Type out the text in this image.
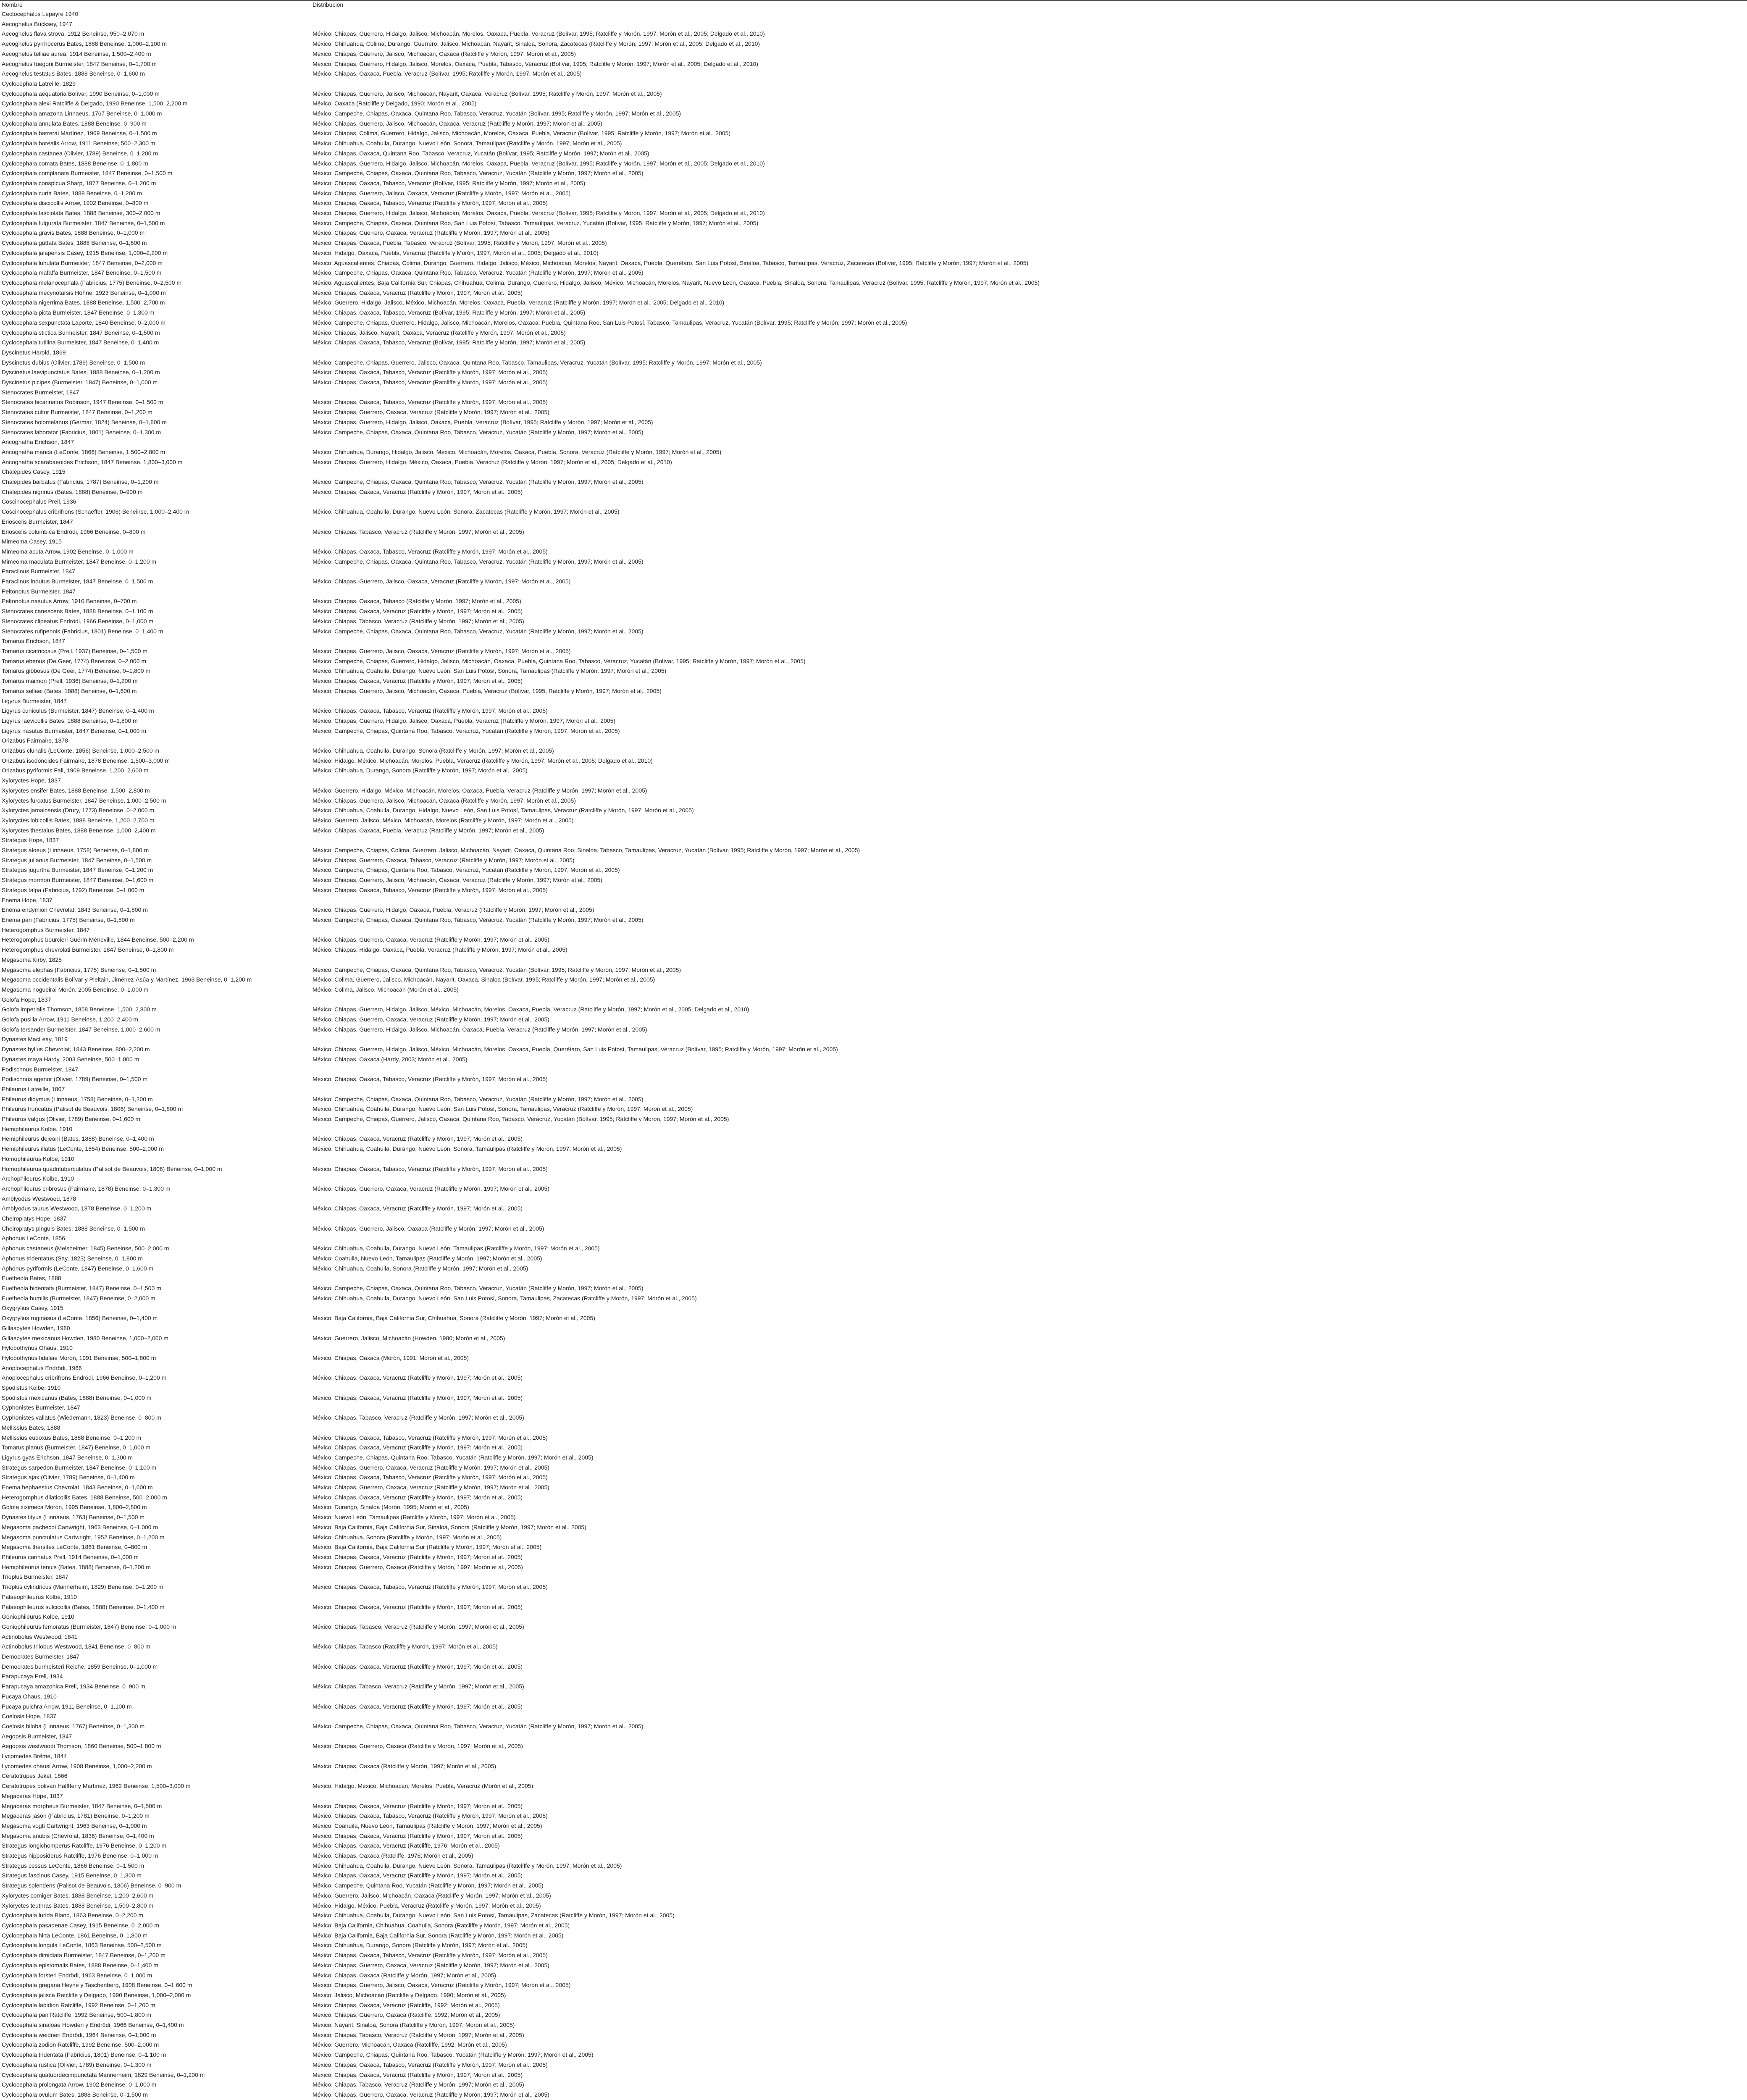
Nombre	Distribución
Cectocephalus Lepayre 1940	
Aecoghelus Bücksey, 1947	
Aecoghelus flava strova, 1912 Beneinse, 950–2,070 m	México: Chiapas, Guerrero, Hidalgo, Jalisco, Michoacán, Morelos, Oaxaca, Puebla, Veracruz (Bolívar, 1995; Ratcliffe y Morón, 1997; Morón et al., 2005; Delgado et al., 2010)
Aecoghelus pyrrhocerus Bates, 1888 Beneinse, 1,000–2,100 m	México: Chihuahua, Colima, Durango, Guerrero, Jalisco, Michoacán, Nayarit, Sinaloa, Sonora, Zacatecas (Ratcliffe y Morón, 1997; Morón et al., 2005; Delgado et al., 2010)
Aecoghelus telliae aurea, 1914 Beneinse, 1,500–2,400 m	México: Chiapas, Guerrero, Jalisco, Michoacán, Oaxaca (Ratcliffe y Morón, 1997; Morón et al., 2005)
Aecoghelus fuegorii Burmeister, 1847 Beneinse, 0–1,700 m	México: Chiapas, Guerrero, Hidalgo, Jalisco, Morelos, Oaxaca, Puebla, Tabasco, Veracruz (Bolívar, 1995; Ratcliffe y Morón, 1997; Morón et al., 2005; Delgado et al., 2010)
Aecoghelus testatus Bates, 1888 Beneinse, 0–1,600 m	México: Chiapas, Oaxaca, Puebla, Veracruz (Bolívar, 1995; Ratcliffe y Morón, 1997; Morón et al., 2005)
Cyclocephala Latreille, 1829	
Cyclocephala aequatoria Bolívar, 1990 Beneinse, 0–1,000 m	México: Chiapas, Guerrero, Jalisco, Michoacán, Nayarit, Oaxaca, Veracruz (Bolívar, 1995; Ratcliffe y Morón, 1997; Morón et al., 2005)
Cyclocephala alexi Ratcliffe & Delgado, 1990 Beneinse, 1,500–2,200 m	México: Oaxaca (Ratcliffe y Delgado, 1990; Morón et al., 2005)
Cyclocephala amazona Linnaeus, 1767 Beneinse, 0–1,000 m	México: Campeche, Chiapas, Oaxaca, Quintana Roo, Tabasco, Veracruz, Yucatán (Bolívar, 1995; Ratcliffe y Morón, 1997; Morón et al., 2005)
Cyclocephala annulata Bates, 1888 Beneinse, 0–900 m	México: Chiapas, Guerrero, Jalisco, Michoacán, Oaxaca, Veracruz (Ratcliffe y Morón, 1997; Morón et al., 2005)
Cyclocephala barrerai Martínez, 1969 Beneinse, 0–1,500 m	México: Chiapas, Colima, Guerrero, Hidalgo, Jalisco, Michoacán, Morelos, Oaxaca, Puebla, Veracruz (Bolívar, 1995; Ratcliffe y Morón, 1997; Morón et al., 2005)
Cyclocephala borealis Arrow, 1911 Beneinse, 500–2,300 m	México: Chihuahua, Coahuila, Durango, Nuevo León, Sonora, Tamaulipas (Ratcliffe y Morón, 1997; Morón et al., 2005)
Cyclocephala castanea (Olivier, 1789) Beneinse, 0–1,200 m	México: Chiapas, Oaxaca, Quintana Roo, Tabasco, Veracruz, Yucatán (Bolívar, 1995; Ratcliffe y Morón, 1997; Morón et al., 2005)
Cyclocephala comata Bates, 1888 Beneinse, 0–1,800 m	México: Chiapas, Guerrero, Hidalgo, Jalisco, Michoacán, Morelos, Oaxaca, Puebla, Veracruz (Bolívar, 1995; Ratcliffe y Morón, 1997; Morón et al., 2005; Delgado et al., 2010)
Cyclocephala complanata Burmeister, 1847 Beneinse, 0–1,500 m	México: Campeche, Chiapas, Oaxaca, Quintana Roo, Tabasco, Veracruz, Yucatán (Ratcliffe y Morón, 1997; Morón et al., 2005)
Cyclocephala conspicua Sharp, 1877 Beneinse, 0–1,200 m	México: Chiapas, Oaxaca, Tabasco, Veracruz (Bolívar, 1995; Ratcliffe y Morón, 1997; Morón et al., 2005)
Cyclocephala curta Bates, 1888 Beneinse, 0–1,200 m	México: Chiapas, Guerrero, Jalisco, Oaxaca, Veracruz (Ratcliffe y Morón, 1997; Morón et al., 2005)
Cyclocephala discicollis Arrow, 1902 Beneinse, 0–800 m	México: Chiapas, Oaxaca, Tabasco, Veracruz (Ratcliffe y Morón, 1997; Morón et al., 2005)
Cyclocephala fasciolata Bates, 1888 Beneinse, 300–2,000 m	México: Chiapas, Guerrero, Hidalgo, Jalisco, Michoacán, Morelos, Oaxaca, Puebla, Veracruz (Bolívar, 1995; Ratcliffe y Morón, 1997; Morón et al., 2005; Delgado et al., 2010)
Cyclocephala fulgurata Burmeister, 1847 Beneinse, 0–1,500 m	México: Campeche, Chiapas, Oaxaca, Quintana Roo, San Luis Potosí, Tabasco, Tamaulipas, Veracruz, Yucatán (Bolívar, 1995; Ratcliffe y Morón, 1997; Morón et al., 2005)
Cyclocephala gravis Bates, 1888 Beneinse, 0–1,000 m	México: Chiapas, Guerrero, Oaxaca, Veracruz (Ratcliffe y Morón, 1997; Morón et al., 2005)
Cyclocephala guttata Bates, 1888 Beneinse, 0–1,600 m	México: Chiapas, Oaxaca, Puebla, Tabasco, Veracruz (Bolívar, 1995; Ratcliffe y Morón, 1997; Morón et al., 2005)
Cyclocephala jalapensis Casey, 1915 Beneinse, 1,000–2,200 m	México: Hidalgo, Oaxaca, Puebla, Veracruz (Ratcliffe y Morón, 1997; Morón et al., 2005; Delgado et al., 2010)
Cyclocephala lunulata Burmeister, 1847 Beneinse, 0–2,000 m	México: Aguascalientes, Chiapas, Colima, Durango, Guerrero, Hidalgo, Jalisco, México, Michoacán, Morelos, Nayarit, Oaxaca, Puebla, Querétaro, San Luis Potosí, Sinaloa, Tabasco, Tamaulipas, Veracruz, Zacatecas (Bolívar, 1995; Ratcliffe y Morón, 1997; Morón et al., 2005)
Cyclocephala mafaffa Burmeister, 1847 Beneinse, 0–1,500 m	México: Campeche, Chiapas, Oaxaca, Quintana Roo, Tabasco, Veracruz, Yucatán (Ratcliffe y Morón, 1997; Morón et al., 2005)
Cyclocephala melanocephala (Fabricius, 1775) Beneinse, 0–2,500 m	México: Aguascalientes, Baja California Sur, Chiapas, Chihuahua, Colima, Durango, Guerrero, Hidalgo, Jalisco, México, Michoacán, Morelos, Nayarit, Nuevo León, Oaxaca, Puebla, Sinaloa, Sonora, Tamaulipas, Veracruz (Bolívar, 1995; Ratcliffe y Morón, 1997; Morón et al., 2005)
Cyclocephala mecynotarsis Höhne, 1923 Beneinse, 0–1,000 m	México: Chiapas, Oaxaca, Veracruz (Ratcliffe y Morón, 1997; Morón et al., 2005)
Cyclocephala nigerrima Bates, 1888 Beneinse, 1,500–2,700 m	México: Guerrero, Hidalgo, Jalisco, México, Michoacán, Morelos, Oaxaca, Puebla, Veracruz (Ratcliffe y Morón, 1997; Morón et al., 2005; Delgado et al., 2010)
Cyclocephala picta Burmeister, 1847 Beneinse, 0–1,300 m	México: Chiapas, Oaxaca, Tabasco, Veracruz (Bolívar, 1995; Ratcliffe y Morón, 1997; Morón et al., 2005)
Cyclocephala sexpunctata Laporte, 1840 Beneinse, 0–2,000 m	México: Campeche, Chiapas, Guerrero, Hidalgo, Jalisco, Michoacán, Morelos, Oaxaca, Puebla, Quintana Roo, San Luis Potosí, Tabasco, Tamaulipas, Veracruz, Yucatán (Bolívar, 1995; Ratcliffe y Morón, 1997; Morón et al., 2005)
Cyclocephala stictica Burmeister, 1847 Beneinse, 0–1,500 m	México: Chiapas, Jalisco, Nayarit, Oaxaca, Veracruz (Ratcliffe y Morón, 1997; Morón et al., 2005)
Cyclocephala tutilina Burmeister, 1847 Beneinse, 0–1,400 m	México: Chiapas, Oaxaca, Tabasco, Veracruz (Bolívar, 1995; Ratcliffe y Morón, 1997; Morón et al., 2005)
Dyscinetus Harold, 1869	
Dyscinetus dubius (Olivier, 1789) Beneinse, 0–1,500 m	México: Campeche, Chiapas, Guerrero, Jalisco, Oaxaca, Quintana Roo, Tabasco, Tamaulipas, Veracruz, Yucatán (Bolívar, 1995; Ratcliffe y Morón, 1997; Morón et al., 2005)
Dyscinetus laevipunctatus Bates, 1888 Beneinse, 0–1,200 m	México: Chiapas, Oaxaca, Tabasco, Veracruz (Ratcliffe y Morón, 1997; Morón et al., 2005)
Dyscinetus picipes (Burmeister, 1847) Beneinse, 0–1,000 m	México: Chiapas, Oaxaca, Tabasco, Veracruz (Ratcliffe y Morón, 1997; Morón et al., 2005)
Stenocrates Burmeister, 1847	
Stenocrates bicarinatus Robinson, 1947 Beneinse, 0–1,500 m	México: Chiapas, Oaxaca, Tabasco, Veracruz (Ratcliffe y Morón, 1997; Morón et al., 2005)
Stenocrates cultor Burmeister, 1847 Beneinse, 0–1,200 m	México: Chiapas, Guerrero, Oaxaca, Veracruz (Ratcliffe y Morón, 1997; Morón et al., 2005)
Stenocrates holomelanus (Germar, 1824) Beneinse, 0–1,800 m	México: Chiapas, Guerrero, Hidalgo, Jalisco, Oaxaca, Puebla, Veracruz (Bolívar, 1995; Ratcliffe y Morón, 1997; Morón et al., 2005)
Stenocrates laborator (Fabricius, 1801) Beneinse, 0–1,300 m	México: Campeche, Chiapas, Oaxaca, Quintana Roo, Tabasco, Veracruz, Yucatán (Ratcliffe y Morón, 1997; Morón et al., 2005)
Ancognatha Erichson, 1847	
Ancognatha manca (LeConte, 1866) Beneinse, 1,500–2,800 m	México: Chihuahua, Durango, Hidalgo, Jalisco, México, Michoacán, Morelos, Oaxaca, Puebla, Sonora, Veracruz (Ratcliffe y Morón, 1997; Morón et al., 2005)
Ancognatha scarabaeoides Erichson, 1847 Beneinse, 1,800–3,000 m	México: Chiapas, Guerrero, Hidalgo, México, Oaxaca, Puebla, Veracruz (Ratcliffe y Morón, 1997; Morón et al., 2005; Delgado et al., 2010)
Chalepides Casey, 1915	
Chalepides barbatus (Fabricius, 1787) Beneinse, 0–1,200 m	México: Campeche, Chiapas, Oaxaca, Quintana Roo, Tabasco, Veracruz, Yucatán (Ratcliffe y Morón, 1997; Morón et al., 2005)
Chalepides nigrinus (Bates, 1888) Beneinse, 0–900 m	México: Chiapas, Oaxaca, Veracruz (Ratcliffe y Morón, 1997; Morón et al., 2005)
Coscinocephalus Prell, 1936	
Coscinocephalus cribrifrons (Schaeffer, 1906) Beneinse, 1,000–2,400 m	México: Chihuahua, Coahuila, Durango, Nuevo León, Sonora, Zacatecas (Ratcliffe y Morón, 1997; Morón et al., 2005)
Erioscelis Burmeister, 1847	
Erioscelis columbica Endrödi, 1966 Beneinse, 0–800 m	México: Chiapas, Tabasco, Veracruz (Ratcliffe y Morón, 1997; Morón et al., 2005)
Mimeoma Casey, 1915	
Mimeoma acuta Arrow, 1902 Beneinse, 0–1,000 m	México: Chiapas, Oaxaca, Tabasco, Veracruz (Ratcliffe y Morón, 1997; Morón et al., 2005)
Mimeoma maculata Burmeister, 1847 Beneinse, 0–1,200 m	México: Campeche, Chiapas, Oaxaca, Quintana Roo, Tabasco, Veracruz, Yucatán (Ratcliffe y Morón, 1997; Morón et al., 2005)
Paraclinus Burmeister, 1847	
Paraclinus indutus Burmeister, 1847 Beneinse, 0–1,500 m	México: Chiapas, Guerrero, Jalisco, Oaxaca, Veracruz (Ratcliffe y Morón, 1997; Morón et al., 2005)
Peltonotus Burmeister, 1847	
Peltonotus nasutus Arrow, 1910 Beneinse, 0–700 m	México: Chiapas, Oaxaca, Tabasco (Ratcliffe y Morón, 1997; Morón et al., 2005)
Stenocrates canescens Bates, 1888 Beneinse, 0–1,100 m	México: Chiapas, Oaxaca, Veracruz (Ratcliffe y Morón, 1997; Morón et al., 2005)
Stenocrates clipeatus Endrödi, 1966 Beneinse, 0–1,000 m	México: Chiapas, Tabasco, Veracruz (Ratcliffe y Morón, 1997; Morón et al., 2005)
Stenocrates rufipennis (Fabricius, 1801) Beneinse, 0–1,400 m	México: Campeche, Chiapas, Oaxaca, Quintana Roo, Tabasco, Veracruz, Yucatán (Ratcliffe y Morón, 1997; Morón et al., 2005)
Tomarus Erichson, 1847	
Tomarus cicatricosus (Prell, 1937) Beneinse, 0–1,500 m	México: Chiapas, Guerrero, Jalisco, Oaxaca, Veracruz (Ratcliffe y Morón, 1997; Morón et al., 2005)
Tomarus ebenus (De Geer, 1774) Beneinse, 0–2,000 m	México: Campeche, Chiapas, Guerrero, Hidalgo, Jalisco, Michoacán, Oaxaca, Puebla, Quintana Roo, Tabasco, Veracruz, Yucatán (Bolívar, 1995; Ratcliffe y Morón, 1997; Morón et al., 2005)
Tomarus gibbosus (De Geer, 1774) Beneinse, 0–1,800 m	México: Chihuahua, Coahuila, Durango, Nuevo León, San Luis Potosí, Sonora, Tamaulipas (Ratcliffe y Morón, 1997; Morón et al., 2005)
Tomarus maimon (Prell, 1936) Beneinse, 0–1,200 m	México: Chiapas, Oaxaca, Veracruz (Ratcliffe y Morón, 1997; Morón et al., 2005)
Tomarus sallaei (Bates, 1888) Beneinse, 0–1,600 m	México: Chiapas, Guerrero, Jalisco, Michoacán, Oaxaca, Puebla, Veracruz (Bolívar, 1995; Ratcliffe y Morón, 1997; Morón et al., 2005)
Ligyrus Burmeister, 1847	
Ligyrus cuniculus (Burmeister, 1847) Beneinse, 0–1,400 m	México: Chiapas, Oaxaca, Tabasco, Veracruz (Ratcliffe y Morón, 1997; Morón et al., 2005)
Ligyrus laevicollis Bates, 1888 Beneinse, 0–1,800 m	México: Chiapas, Guerrero, Hidalgo, Jalisco, Oaxaca, Puebla, Veracruz (Ratcliffe y Morón, 1997; Morón et al., 2005)
Ligyrus nasutus Burmeister, 1847 Beneinse, 0–1,000 m	México: Campeche, Chiapas, Quintana Roo, Tabasco, Veracruz, Yucatán (Ratcliffe y Morón, 1997; Morón et al., 2005)
Orizabus Fairmaire, 1878	
Orizabus clunalis (LeConte, 1856) Beneinse, 1,000–2,500 m	México: Chihuahua, Coahuila, Durango, Sonora (Ratcliffe y Morón, 1997; Morón et al., 2005)
Orizabus isodonoides Fairmaire, 1878 Beneinse, 1,500–3,000 m	México: Hidalgo, México, Michoacán, Morelos, Puebla, Veracruz (Ratcliffe y Morón, 1997; Morón et al., 2005; Delgado et al., 2010)
Orizabus pyriformis Fall, 1909 Beneinse, 1,200–2,600 m	México: Chihuahua, Durango, Sonora (Ratcliffe y Morón, 1997; Morón et al., 2005)
Xyloryctes Hope, 1837	
Xyloryctes ensifer Bates, 1888 Beneinse, 1,500–2,800 m	México: Guerrero, Hidalgo, México, Michoacán, Morelos, Oaxaca, Puebla, Veracruz (Ratcliffe y Morón, 1997; Morón et al., 2005)
Xyloryctes furcatus Burmeister, 1847 Beneinse, 1,000–2,500 m	México: Chiapas, Guerrero, Jalisco, Michoacán, Oaxaca (Ratcliffe y Morón, 1997; Morón et al., 2005)
Xyloryctes jamaicensis (Drury, 1773) Beneinse, 0–2,000 m	México: Chihuahua, Coahuila, Durango, Hidalgo, Nuevo León, San Luis Potosí, Tamaulipas, Veracruz (Ratcliffe y Morón, 1997; Morón et al., 2005)
Xyloryctes lobicollis Bates, 1888 Beneinse, 1,200–2,700 m	México: Guerrero, Jalisco, México, Michoacán, Morelos (Ratcliffe y Morón, 1997; Morón et al., 2005)
Xyloryctes thestalus Bates, 1888 Beneinse, 1,000–2,400 m	México: Chiapas, Oaxaca, Puebla, Veracruz (Ratcliffe y Morón, 1997; Morón et al., 2005)
Strategus Hope, 1837	
Strategus aloeus (Linnaeus, 1758) Beneinse, 0–1,800 m	México: Campeche, Chiapas, Colima, Guerrero, Jalisco, Michoacán, Nayarit, Oaxaca, Quintana Roo, Sinaloa, Tabasco, Tamaulipas, Veracruz, Yucatán (Bolívar, 1995; Ratcliffe y Morón, 1997; Morón et al., 2005)
Strategus julianus Burmeister, 1847 Beneinse, 0–1,500 m	México: Chiapas, Guerrero, Oaxaca, Tabasco, Veracruz (Ratcliffe y Morón, 1997; Morón et al., 2005)
Strategus jugurtha Burmeister, 1847 Beneinse, 0–1,200 m	México: Campeche, Chiapas, Quintana Roo, Tabasco, Veracruz, Yucatán (Ratcliffe y Morón, 1997; Morón et al., 2005)
Strategus mormon Burmeister, 1847 Beneinse, 0–1,600 m	México: Chiapas, Guerrero, Jalisco, Michoacán, Oaxaca, Veracruz (Ratcliffe y Morón, 1997; Morón et al., 2005)
Strategus talpa (Fabricius, 1792) Beneinse, 0–1,000 m	México: Chiapas, Oaxaca, Tabasco, Veracruz (Ratcliffe y Morón, 1997; Morón et al., 2005)
Enema Hope, 1837	
Enema endymion Chevrolat, 1843 Beneinse, 0–1,800 m	México: Chiapas, Guerrero, Hidalgo, Oaxaca, Puebla, Veracruz (Ratcliffe y Morón, 1997; Morón et al., 2005)
Enema pan (Fabricius, 1775) Beneinse, 0–1,500 m	México: Campeche, Chiapas, Oaxaca, Quintana Roo, Tabasco, Veracruz, Yucatán (Ratcliffe y Morón, 1997; Morón et al., 2005)
Heterogomphus Burmeister, 1847	
Heterogomphus bourcieri Guérin-Méneville, 1844 Beneinse, 500–2,200 m	México: Chiapas, Guerrero, Oaxaca, Veracruz (Ratcliffe y Morón, 1997; Morón et al., 2005)
Heterogomphus chevrolati Burmeister, 1847 Beneinse, 0–1,800 m	México: Chiapas, Hidalgo, Oaxaca, Puebla, Veracruz (Ratcliffe y Morón, 1997; Morón et al., 2005)
Megasoma Kirby, 1825	
Megasoma elephas (Fabricius, 1775) Beneinse, 0–1,500 m	México: Campeche, Chiapas, Oaxaca, Quintana Roo, Tabasco, Veracruz, Yucatán (Bolívar, 1995; Ratcliffe y Morón, 1997; Morón et al., 2005)
Megasoma occidentalis Bolívar y Pieltain, Jiménez-Asúa y Martínez, 1963 Beneinse, 0–1,200 m	México: Colima, Guerrero, Jalisco, Michoacán, Nayarit, Oaxaca, Sinaloa (Bolívar, 1995; Ratcliffe y Morón, 1997; Morón et al., 2005)
Megasoma nogueirai Morón, 2005 Beneinse, 0–1,000 m	México: Colima, Jalisco, Michoacán (Morón et al., 2005)
Golofa Hope, 1837	
Golofa imperialis Thomson, 1858 Beneinse, 1,500–2,800 m	México: Chiapas, Guerrero, Hidalgo, Jalisco, México, Michoacán, Morelos, Oaxaca, Puebla, Veracruz (Ratcliffe y Morón, 1997; Morón et al., 2005; Delgado et al., 2010)
Golofa pusilla Arrow, 1911 Beneinse, 1,200–2,400 m	México: Chiapas, Guerrero, Oaxaca, Veracruz (Ratcliffe y Morón, 1997; Morón et al., 2005)
Golofa tersander Burmeister, 1847 Beneinse, 1,000–2,600 m	México: Chiapas, Guerrero, Hidalgo, Jalisco, Michoacán, Oaxaca, Puebla, Veracruz (Ratcliffe y Morón, 1997; Morón et al., 2005)
Dynastes MacLeay, 1819	
Dynastes hyllus Chevrolat, 1843 Beneinse, 800–2,200 m	México: Chiapas, Guerrero, Hidalgo, Jalisco, México, Michoacán, Morelos, Oaxaca, Puebla, Querétaro, San Luis Potosí, Tamaulipas, Veracruz (Bolívar, 1995; Ratcliffe y Morón, 1997; Morón et al., 2005)
Dynastes maya Hardy, 2003 Beneinse, 500–1,800 m	México: Chiapas, Oaxaca (Hardy, 2003; Morón et al., 2005)
Podischnus Burmeister, 1847	
Podischnus agenor (Olivier, 1789) Beneinse, 0–1,500 m	México: Chiapas, Oaxaca, Tabasco, Veracruz (Ratcliffe y Morón, 1997; Morón et al., 2005)
Phileurus Latreille, 1807	
Phileurus didymus (Linnaeus, 1758) Beneinse, 0–1,200 m	México: Campeche, Chiapas, Oaxaca, Quintana Roo, Tabasco, Veracruz, Yucatán (Ratcliffe y Morón, 1997; Morón et al., 2005)
Phileurus truncatus (Palisot de Beauvois, 1806) Beneinse, 0–1,800 m	México: Chihuahua, Coahuila, Durango, Nuevo León, San Luis Potosí, Sonora, Tamaulipas, Veracruz (Ratcliffe y Morón, 1997; Morón et al., 2005)
Phileurus valgus (Olivier, 1789) Beneinse, 0–1,600 m	México: Campeche, Chiapas, Guerrero, Jalisco, Oaxaca, Quintana Roo, Tabasco, Veracruz, Yucatán (Bolívar, 1995; Ratcliffe y Morón, 1997; Morón et al., 2005)
Hemiphileurus Kolbe, 1910	
Hemiphileurus dejeani (Bates, 1888) Beneinse, 0–1,400 m	México: Chiapas, Oaxaca, Veracruz (Ratcliffe y Morón, 1997; Morón et al., 2005)
Hemiphileurus illatus (LeConte, 1854) Beneinse, 500–2,000 m	México: Chihuahua, Coahuila, Durango, Nuevo León, Sonora, Tamaulipas (Ratcliffe y Morón, 1997; Morón et al., 2005)
Homophileurus Kolbe, 1910	
Homophileurus quadrituberculatus (Palisot de Beauvois, 1806) Beneinse, 0–1,000 m	México: Chiapas, Oaxaca, Tabasco, Veracruz (Ratcliffe y Morón, 1997; Morón et al., 2005)
Archophileurus Kolbe, 1910	
Archophileurus cribrosus (Fairmaire, 1878) Beneinse, 0–1,300 m	México: Chiapas, Guerrero, Oaxaca, Veracruz (Ratcliffe y Morón, 1997; Morón et al., 2005)
Amblyodus Westwood, 1878	
Amblyodus taurus Westwood, 1878 Beneinse, 0–1,200 m	México: Chiapas, Oaxaca, Veracruz (Ratcliffe y Morón, 1997; Morón et al., 2005)
Cheiroplatys Hope, 1837	
Cheiroplatys pinguis Bates, 1888 Beneinse, 0–1,500 m	México: Chiapas, Guerrero, Jalisco, Oaxaca (Ratcliffe y Morón, 1997; Morón et al., 2005)
Aphonus LeConte, 1856	
Aphonus castaneus (Melsheimer, 1845) Beneinse, 500–2,000 m	México: Chihuahua, Coahuila, Durango, Nuevo León, Tamaulipas (Ratcliffe y Morón, 1997; Morón et al., 2005)
Aphonus tridentatus (Say, 1823) Beneinse, 0–1,800 m	México: Coahuila, Nuevo León, Tamaulipas (Ratcliffe y Morón, 1997; Morón et al., 2005)
Aphonus pyriformis (LeConte, 1847) Beneinse, 0–1,600 m	México: Chihuahua, Coahuila, Sonora (Ratcliffe y Morón, 1997; Morón et al., 2005)
Euetheola Bates, 1888	
Euetheola bidentata (Burmeister, 1847) Beneinse, 0–1,500 m	México: Campeche, Chiapas, Oaxaca, Quintana Roo, Tabasco, Veracruz, Yucatán (Ratcliffe y Morón, 1997; Morón et al., 2005)
Euetheola humilis (Burmeister, 1847) Beneinse, 0–2,000 m	México: Chihuahua, Coahuila, Durango, Nuevo León, San Luis Potosí, Sonora, Tamaulipas, Zacatecas (Ratcliffe y Morón, 1997; Morón et al., 2005)
Oxygrylius Casey, 1915	
Oxygrylius ruginasus (LeConte, 1856) Beneinse, 0–1,400 m	México: Baja California, Baja California Sur, Chihuahua, Sonora (Ratcliffe y Morón, 1997; Morón et al., 2005)
Gillaspytes Howden, 1980	
Gillaspytes mexicanus Howden, 1980 Beneinse, 1,000–2,000 m	México: Guerrero, Jalisco, Michoacán (Howden, 1980; Morón et al., 2005)
Hylobothynus Ohaus, 1910	
Hylobothynus fidaliae Morón, 1991 Beneinse, 500–1,800 m	México: Chiapas, Oaxaca (Morón, 1991; Morón et al., 2005)
Anoplocephalus Endrödi, 1966	
Anoplocephalus cribrifrons Endrödi, 1966 Beneinse, 0–1,200 m	México: Chiapas, Oaxaca, Veracruz (Ratcliffe y Morón, 1997; Morón et al., 2005)
Spodistus Kolbe, 1910	
Spodistus mexicanus (Bates, 1888) Beneinse, 0–1,000 m	México: Chiapas, Oaxaca, Veracruz (Ratcliffe y Morón, 1997; Morón et al., 2005)
Cyphonistes Burmeister, 1847	
Cyphonistes vallatus (Wiedemann, 1823) Beneinse, 0–800 m	México: Chiapas, Tabasco, Veracruz (Ratcliffe y Morón, 1997; Morón et al., 2005)
Mellissius Bates, 1888	
Mellissius eudoxus Bates, 1888 Beneinse, 0–1,200 m	México: Chiapas, Oaxaca, Tabasco, Veracruz (Ratcliffe y Morón, 1997; Morón et al., 2005)
Tomarus planus (Burmeister, 1847) Beneinse, 0–1,000 m	México: Chiapas, Oaxaca, Veracruz (Ratcliffe y Morón, 1997; Morón et al., 2005)
Ligyrus gyas Erichson, 1847 Beneinse, 0–1,300 m	México: Campeche, Chiapas, Quintana Roo, Tabasco, Yucatán (Ratcliffe y Morón, 1997; Morón et al., 2005)
Strategus sarpedon Burmeister, 1847 Beneinse, 0–1,100 m	México: Chiapas, Guerrero, Oaxaca, Veracruz (Ratcliffe y Morón, 1997; Morón et al., 2005)
Strategus ajax (Olivier, 1789) Beneinse, 0–1,400 m	México: Chiapas, Oaxaca, Tabasco, Veracruz (Ratcliffe y Morón, 1997; Morón et al., 2005)
Enema hephaestus Chevrolat, 1843 Beneinse, 0–1,600 m	México: Chiapas, Guerrero, Oaxaca, Veracruz (Ratcliffe y Morón, 1997; Morón et al., 2005)
Heterogomphus dilaticollis Bates, 1888 Beneinse, 500–2,000 m	México: Chiapas, Oaxaca, Veracruz (Ratcliffe y Morón, 1997; Morón et al., 2005)
Golofa xiximeca Morón, 1995 Beneinse, 1,800–2,800 m	México: Durango, Sinaloa (Morón, 1995; Morón et al., 2005)
Dynastes tityus (Linnaeus, 1763) Beneinse, 0–1,500 m	México: Nuevo León, Tamaulipas (Ratcliffe y Morón, 1997; Morón et al., 2005)
Megasoma pachecoi Cartwright, 1963 Beneinse, 0–1,000 m	México: Baja California, Baja California Sur, Sinaloa, Sonora (Ratcliffe y Morón, 1997; Morón et al., 2005)
Megasoma punctulatus Cartwright, 1952 Beneinse, 0–1,200 m	México: Chihuahua, Sonora (Ratcliffe y Morón, 1997; Morón et al., 2005)
Megasoma thersites LeConte, 1861 Beneinse, 0–800 m	México: Baja California, Baja California Sur (Ratcliffe y Morón, 1997; Morón et al., 2005)
Phileurus carinatus Prell, 1914 Beneinse, 0–1,000 m	México: Chiapas, Oaxaca, Veracruz (Ratcliffe y Morón, 1997; Morón et al., 2005)
Hemiphileurus tenuis (Bates, 1888) Beneinse, 0–1,200 m	México: Chiapas, Guerrero, Oaxaca (Ratcliffe y Morón, 1997; Morón et al., 2005)
Trioplus Burmeister, 1847	
Trioplus cylindricus (Mannerheim, 1829) Beneinse, 0–1,200 m	México: Chiapas, Oaxaca, Tabasco, Veracruz (Ratcliffe y Morón, 1997; Morón et al., 2005)
Palaeophileurus Kolbe, 1910	
Palaeophileurus sulcicollis (Bates, 1888) Beneinse, 0–1,400 m	México: Chiapas, Oaxaca, Veracruz (Ratcliffe y Morón, 1997; Morón et al., 2005)
Goniophileurus Kolbe, 1910	
Goniophileurus femoratus (Burmeister, 1847) Beneinse, 0–1,000 m	México: Chiapas, Tabasco, Veracruz (Ratcliffe y Morón, 1997; Morón et al., 2005)
Actinobolus Westwood, 1841	
Actinobolus trilobus Westwood, 1841 Beneinse, 0–800 m	México: Chiapas, Tabasco (Ratcliffe y Morón, 1997; Morón et al., 2005)
Democrates Burmeister, 1847	
Democrates burmeisteri Reiche, 1859 Beneinse, 0–1,000 m	México: Chiapas, Oaxaca, Veracruz (Ratcliffe y Morón, 1997; Morón et al., 2005)
Parapucaya Prell, 1934	
Parapucaya amazonica Prell, 1934 Beneinse, 0–900 m	México: Chiapas, Tabasco, Veracruz (Ratcliffe y Morón, 1997; Morón et al., 2005)
Pucaya Ohaus, 1910	
Pucaya pulchra Arrow, 1911 Beneinse, 0–1,100 m	México: Chiapas, Oaxaca, Veracruz (Ratcliffe y Morón, 1997; Morón et al., 2005)
Coelosis Hope, 1837	
Coelosis biloba (Linnaeus, 1767) Beneinse, 0–1,300 m	México: Campeche, Chiapas, Oaxaca, Quintana Roo, Tabasco, Veracruz, Yucatán (Ratcliffe y Morón, 1997; Morón et al., 2005)
Aegopsis Burmeister, 1847	
Aegopsis westwoodi Thomson, 1860 Beneinse, 500–1,800 m	México: Chiapas, Guerrero, Oaxaca (Ratcliffe y Morón, 1997; Morón et al., 2005)
Lycomedes Brême, 1844	
Lycomedes ohausi Arrow, 1908 Beneinse, 1,000–2,200 m	México: Chiapas, Oaxaca (Ratcliffe y Morón, 1997; Morón et al., 2005)
Ceratotrupes Jekel, 1866	
Ceratotrupes bolivari Halffter y Martínez, 1962 Beneinse, 1,500–3,000 m	México: Hidalgo, México, Michoacán, Morelos, Puebla, Veracruz (Morón et al., 2005)
Megaceras Hope, 1837	
Megaceras morpheus Burmeister, 1847 Beneinse, 0–1,500 m	México: Chiapas, Oaxaca, Veracruz (Ratcliffe y Morón, 1997; Morón et al., 2005)
Megaceras jason (Fabricius, 1781) Beneinse, 0–1,200 m	México: Chiapas, Oaxaca, Tabasco, Veracruz (Ratcliffe y Morón, 1997; Morón et al., 2005)
Megasoma vogti Cartwright, 1963 Beneinse, 0–1,000 m	México: Coahuila, Nuevo León, Tamaulipas (Ratcliffe y Morón, 1997; Morón et al., 2005)
Megasoma anubis (Chevrolat, 1836) Beneinse, 0–1,400 m	México: Chiapas, Oaxaca, Veracruz (Ratcliffe y Morón, 1997; Morón et al., 2005)
Strategus longichomperus Ratcliffe, 1976 Beneinse, 0–1,200 m	México: Chiapas, Oaxaca, Veracruz (Ratcliffe, 1976; Morón et al., 2005)
Strategus hipposiderus Ratcliffe, 1976 Beneinse, 0–1,000 m	México: Chiapas, Oaxaca (Ratcliffe, 1976; Morón et al., 2005)
Strategus cessus LeConte, 1866 Beneinse, 0–1,500 m	México: Chihuahua, Coahuila, Durango, Nuevo León, Sonora, Tamaulipas (Ratcliffe y Morón, 1997; Morón et al., 2005)
Strategus fascinus Casey, 1915 Beneinse, 0–1,300 m	México: Chiapas, Oaxaca, Veracruz (Ratcliffe y Morón, 1997; Morón et al., 2005)
Strategus splendens (Palisot de Beauvois, 1806) Beneinse, 0–900 m	México: Campeche, Quintana Roo, Yucatán (Ratcliffe y Morón, 1997; Morón et al., 2005)
Xyloryctes corniger Bates, 1888 Beneinse, 1,200–2,600 m	México: Guerrero, Jalisco, Michoacán, Oaxaca (Ratcliffe y Morón, 1997; Morón et al., 2005)
Xyloryctes teuthras Bates, 1888 Beneinse, 1,500–2,800 m	México: Hidalgo, México, Puebla, Veracruz (Ratcliffe y Morón, 1997; Morón et al., 2005)
Cyclocephala lurida Bland, 1863 Beneinse, 0–2,200 m	México: Chihuahua, Coahuila, Durango, Nuevo León, San Luis Potosí, Tamaulipas, Zacatecas (Ratcliffe y Morón, 1997; Morón et al., 2005)
Cyclocephala pasadenae Casey, 1915 Beneinse, 0–2,000 m	México: Baja California, Chihuahua, Coahuila, Sonora (Ratcliffe y Morón, 1997; Morón et al., 2005)
Cyclocephala hirta LeConte, 1861 Beneinse, 0–1,800 m	México: Baja California, Baja California Sur, Sonora (Ratcliffe y Morón, 1997; Morón et al., 2005)
Cyclocephala longula LeConte, 1863 Beneinse, 500–2,500 m	México: Chihuahua, Durango, Sonora (Ratcliffe y Morón, 1997; Morón et al., 2005)
Cyclocephala dimidiata Burmeister, 1847 Beneinse, 0–1,200 m	México: Chiapas, Oaxaca, Tabasco, Veracruz (Ratcliffe y Morón, 1997; Morón et al., 2005)
Cyclocephala epistomalis Bates, 1888 Beneinse, 0–1,400 m	México: Chiapas, Guerrero, Oaxaca, Veracruz (Ratcliffe y Morón, 1997; Morón et al., 2005)
Cyclocephala forsteri Endrödi, 1963 Beneinse, 0–1,000 m	México: Chiapas, Oaxaca (Ratcliffe y Morón, 1997; Morón et al., 2005)
Cyclocephala gregaria Heyne y Taschenberg, 1908 Beneinse, 0–1,600 m	México: Chiapas, Guerrero, Jalisco, Oaxaca, Veracruz (Ratcliffe y Morón, 1997; Morón et al., 2005)
Cyclocephala jalisca Ratcliffe y Delgado, 1990 Beneinse, 1,000–2,000 m	México: Jalisco, Michoacán (Ratcliffe y Delgado, 1990; Morón et al., 2005)
Cyclocephala labidion Ratcliffe, 1992 Beneinse, 0–1,200 m	México: Chiapas, Oaxaca, Veracruz (Ratcliffe, 1992; Morón et al., 2005)
Cyclocephala pan Ratcliffe, 1992 Beneinse, 500–1,800 m	México: Chiapas, Guerrero, Oaxaca (Ratcliffe, 1992; Morón et al., 2005)
Cyclocephala sinaloae Howden y Endrödi, 1966 Beneinse, 0–1,400 m	México: Nayarit, Sinaloa, Sonora (Ratcliffe y Morón, 1997; Morón et al., 2005)
Cyclocephala weidneri Endrödi, 1964 Beneinse, 0–1,000 m	México: Chiapas, Tabasco, Veracruz (Ratcliffe y Morón, 1997; Morón et al., 2005)
Cyclocephala zodion Ratcliffe, 1992 Beneinse, 500–2,000 m	México: Guerrero, Michoacán, Oaxaca (Ratcliffe, 1992; Morón et al., 2005)
Cyclocephala tridentata (Fabricius, 1801) Beneinse, 0–1,100 m	México: Campeche, Chiapas, Quintana Roo, Tabasco, Yucatán (Ratcliffe y Morón, 1997; Morón et al., 2005)
Cyclocephala rustica (Olivier, 1789) Beneinse, 0–1,300 m	México: Chiapas, Oaxaca, Tabasco, Veracruz (Ratcliffe y Morón, 1997; Morón et al., 2005)
Cyclocephala quatuordecimpunctata Mannerheim, 1829 Beneinse, 0–1,200 m	México: Chiapas, Oaxaca, Veracruz (Ratcliffe y Morón, 1997; Morón et al., 2005)
Cyclocephala prolongata Arrow, 1902 Beneinse, 0–1,000 m	México: Chiapas, Tabasco, Veracruz (Ratcliffe y Morón, 1997; Morón et al., 2005)
Cyclocephala ovulum Bates, 1888 Beneinse, 0–1,500 m	México: Chiapas, Guerrero, Oaxaca, Veracruz (Ratcliffe y Morón, 1997; Morón et al., 2005)
